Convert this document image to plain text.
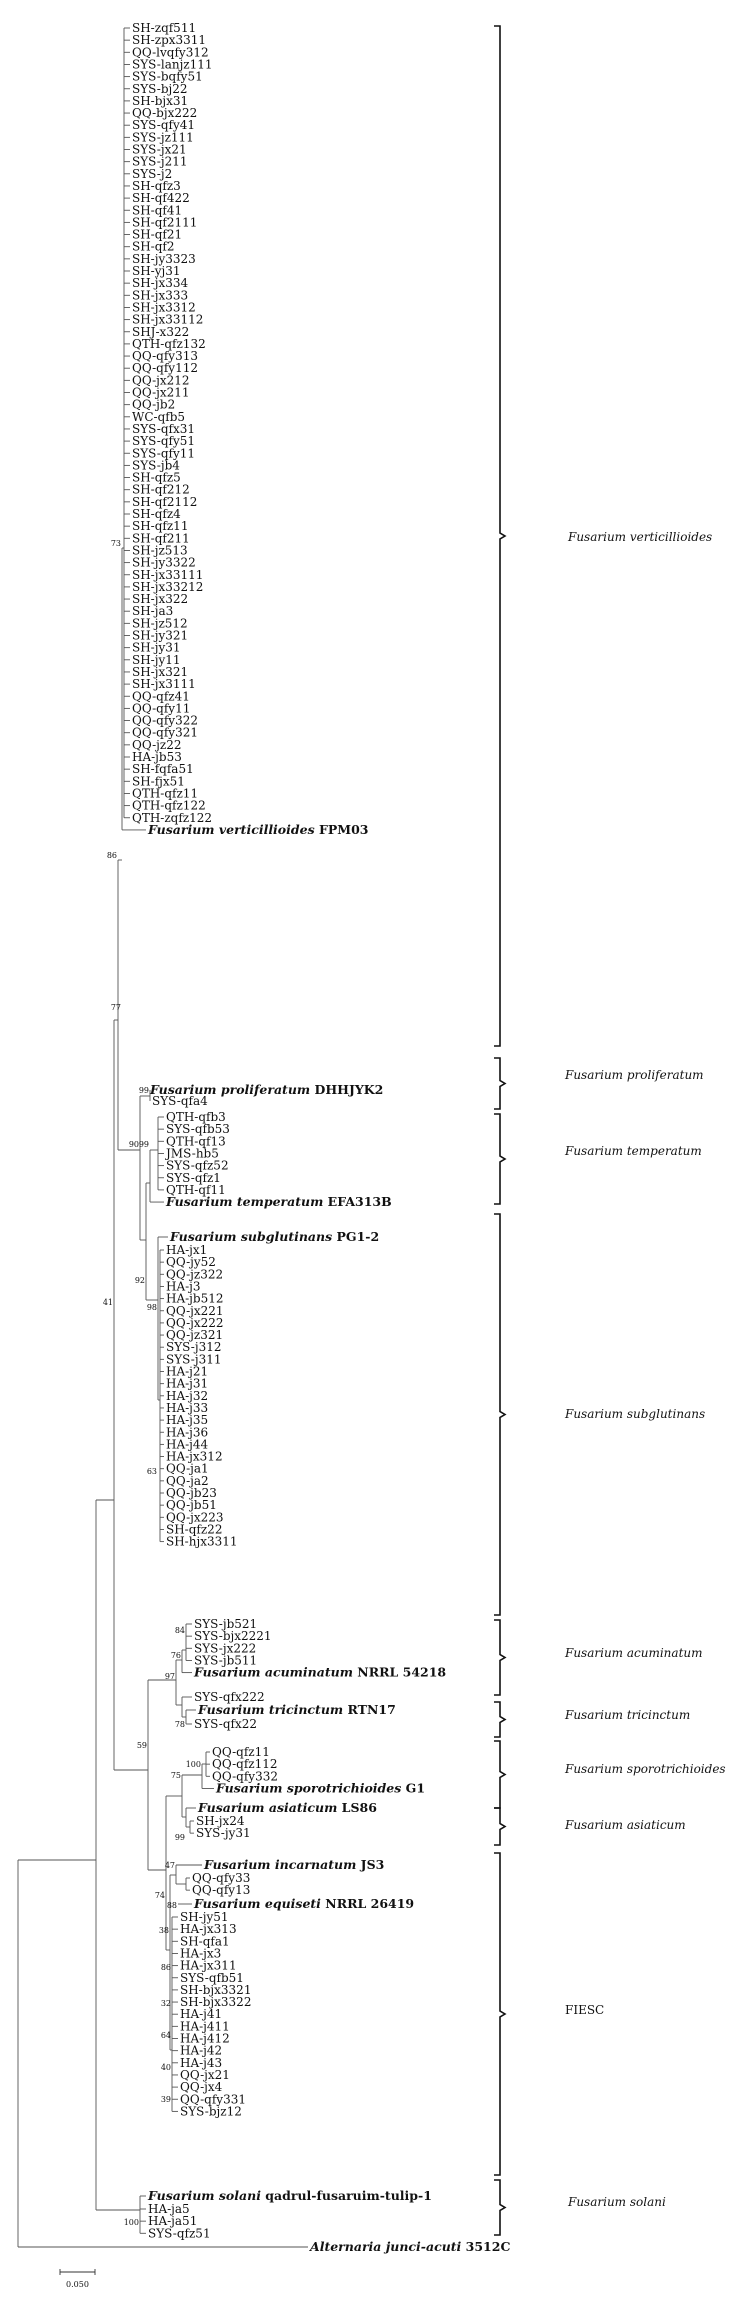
SH-zqf511
SH-zpx3311
QQ-lvqfy312
SYS-lanjz111
SYS-bqfy51
SYS-bj22
SH-bjx31
QQ-bjx222
SYS-qfy41
SYS-jz111
SYS-jx21
SYS-j211
SYS-j2
SH-qfz3
SH-qf422
SH-qf41
SH-qf2111
SH-qf21
SH-qf2
SH-jy3323
SH-yj31
SH-jx334
SH-jx333
SH-jx3312
SH-jx33112
SHJ-x322
QTH-qfz132
QQ-qfy313
QQ-qfy112
QQ-jx212
QQ-jx211
QQ-jb2
WC-qfb5
SYS-qfx31
SYS-qfy51
SYS-qfy11
SYS-jb4
SH-qfz5
SH-qf212
SH-qf2112
SH-qfz4
SH-qfz11
SH-qf211
SH-jz513
SH-jy3322
SH-jx33111
SH-jx33212
SH-jx322
SH-ja3
SH-jz512
SH-jy321
SH-jy31
SH-jy11
SH-jx321
SH-jx3111
QQ-qfz41
QQ-qfy11
QQ-qfy322
QQ-qfy321
QQ-jz22
HA-jb53
SH-fqfa51
SH-fjx51
QTH-qfz11
QTH-qfz122
QTH-zqfz122
Fusarium verticillioides FPM03
Fusarium proliferatum DHHJYK2
SYS-qfa4
QTH-qfb3
SYS-qfb53
QTH-qf13
JMS-hb5
SYS-qfz52
SYS-qfz1
QTH-qf11
Fusarium temperatum EFA313B
Fusarium subglutinans PG1-2
HA-jx1
QQ-jy52
QQ-jz322
HA-j3
HA-jb512
QQ-jx221
QQ-jx222
QQ-jz321
SYS-j312
SYS-j311
HA-j21
HA-j31
HA-j32
HA-j33
HA-j35
HA-j36
HA-j44
HA-jx312
QQ-ja1
QQ-ja2
QQ-jb23
QQ-jb51
QQ-jx223
SH-qfz22
SH-hjx3311
SYS-jb521
SYS-bjx2221
SYS-jx222
SYS-jb511
Fusarium acuminatum NRRL 54218
SYS-qfx222
Fusarium tricinctum RTN17
SYS-qfx22
QQ-qfz11
QQ-qfz112
QQ-qfy332
Fusarium sporotrichioides G1
Fusarium asiaticum LS86
SH-jx24
SYS-jy31
Fusarium incarnatum JS3
QQ-qfy33
QQ-qfy13
Fusarium equiseti NRRL 26419
SH-jy51
HA-jx313
SH-qfa1
HA-jx3
HA-jx311
SYS-qfb51
SH-bjx3321
SH-bjx3322
HA-j41
HA-j411
HA-j412
HA-j42
HA-j43
QQ-jx21
QQ-jx4
QQ-qfy331
SYS-bjz12
Fusarium solani qadrul-fusaruim-tulip-1
HA-ja5
HA-ja51
SYS-qfz51
Alternaria junci-acuti 3512C
73
77
99
99
98
63
92
90
86
84
76
78
97
100
99
75
47
88
86
32
64
40
39
38
74
59
41
100
Fusarium verticillioides
Fusarium proliferatum
Fusarium temperatum
Fusarium subglutinans
Fusarium acuminatum
Fusarium tricinctum
Fusarium sporotrichioides
Fusarium asiaticum
FIESC
Fusarium solani
0.050
